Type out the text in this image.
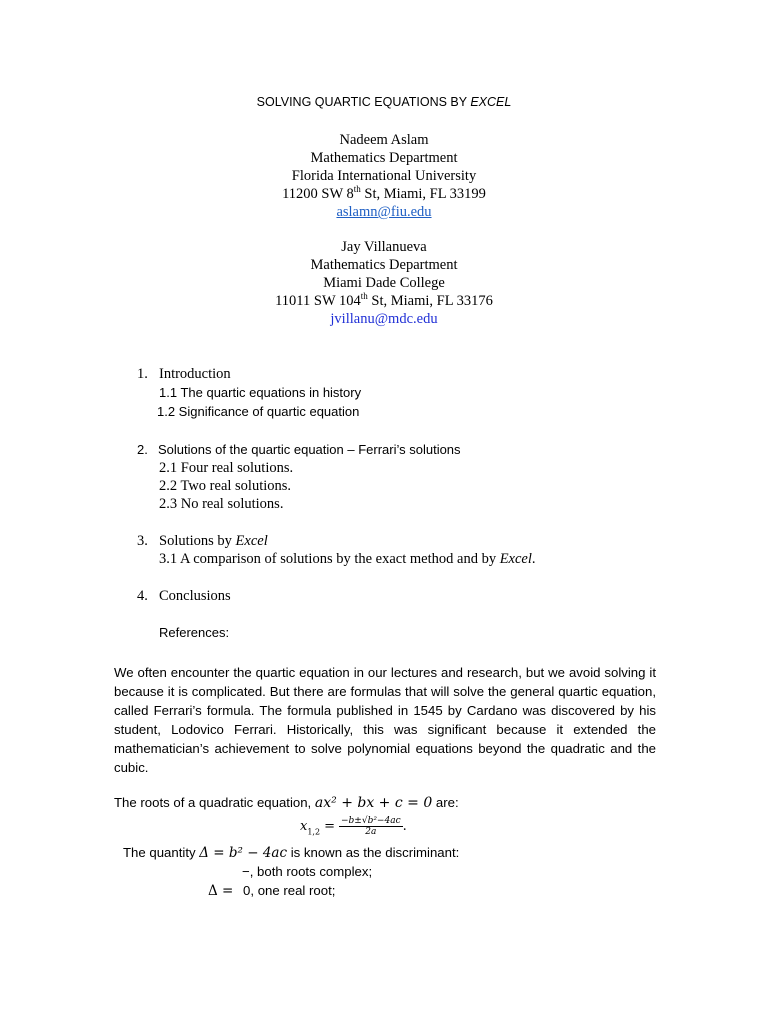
SOLVING QUARTIC EQUATIONS BY EXCEL
Nadeem Aslam
Mathematics Department
Florida International University
11200 SW 8th St, Miami, FL 33199
aslamn@fiu.edu
Jay Villanueva
Mathematics Department
Miami Dade College
11011 SW 104th St, Miami, FL 33176
jvillanu@mdc.edu
1. Introduction
1.1 The quartic equations in history
1.2 Significance of quartic equation
2. Solutions of the quartic equation – Ferrari’s solutions
2.1 Four real solutions.
2.2 Two real solutions.
2.3 No real solutions.
3. Solutions by Excel
3.1 A comparison of solutions by the exact method and by Excel.
4. Conclusions
References:
We often encounter the quartic equation in our lectures and research, but we avoid solving it because it is complicated. But there are formulas that will solve the general quartic equation, called Ferrari’s formula. The formula published in 1545 by Cardano was discovered by his student, Lodovico Ferrari. Historically, this was significant because it extended the mathematician’s achievement to solve polynomial equations beyond the quadratic and the cubic.
The roots of a quadratic equation, ax² + bx + c = 0 are:
$x_{1,2} = \frac{\text{−b±√b²−4ac}}{2a}$ .
The quantity Δ = b² − 4ac is known as the discriminant:
−, both roots complex;
Δ = 0, one real root;
